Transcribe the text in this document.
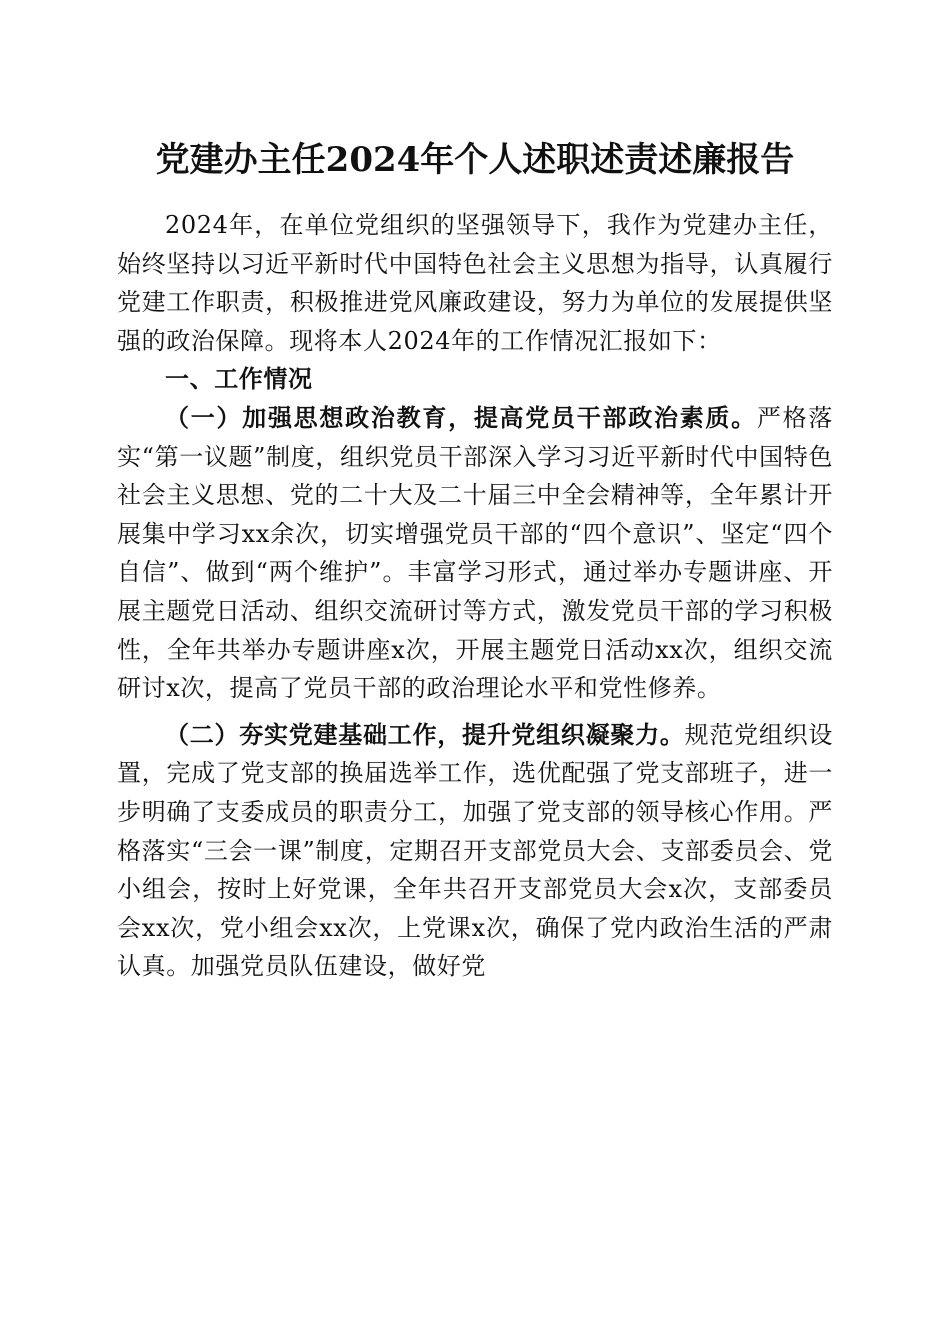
党建办主任2024年个人述职述责述廉报告

2024年，在单位党组织的坚强领导下，我作为党建办主任，始终坚持以习近平新时代中国特色社会主义思想为指导，认真履行党建工作职责，积极推进党风廉政建设，努力为单位的发展提供坚强的政治保障。现将本人2024年的工作情况汇报如下：

一、工作情况

（一）加强思想政治教育，提高党员干部政治素质。严格落实“第一议题”制度，组织党员干部深入学习习近平新时代中国特色社会主义思想、党的二十大及二十届三中全会精神等，全年累计开展集中学习xx余次，切实增强党员干部的“四个意识”、坚定“四个自信”、做到“两个维护”。丰富学习形式，通过举办专题讲座、开展主题党日活动、组织交流研讨等方式，激发党员干部的学习积极性，全年共举办专题讲座x次，开展主题党日活动xx次，组织交流研讨x次，提高了党员干部的政治理论水平和党性修养。

（二）夯实党建基础工作，提升党组织凝聚力。规范党组织设置，完成了党支部的换届选举工作，选优配强了党支部班子，进一步明确了支委成员的职责分工，加强了党支部的领导核心作用。严格落实“三会一课”制度，定期召开支部党员大会、支部委员会、党小组会，按时上好党课，全年共召开支部党员大会x次，支部委员会xx次，党小组会xx次，上党课x次，确保了党内政治生活的严肃认真。加强党员队伍建设，做好党
